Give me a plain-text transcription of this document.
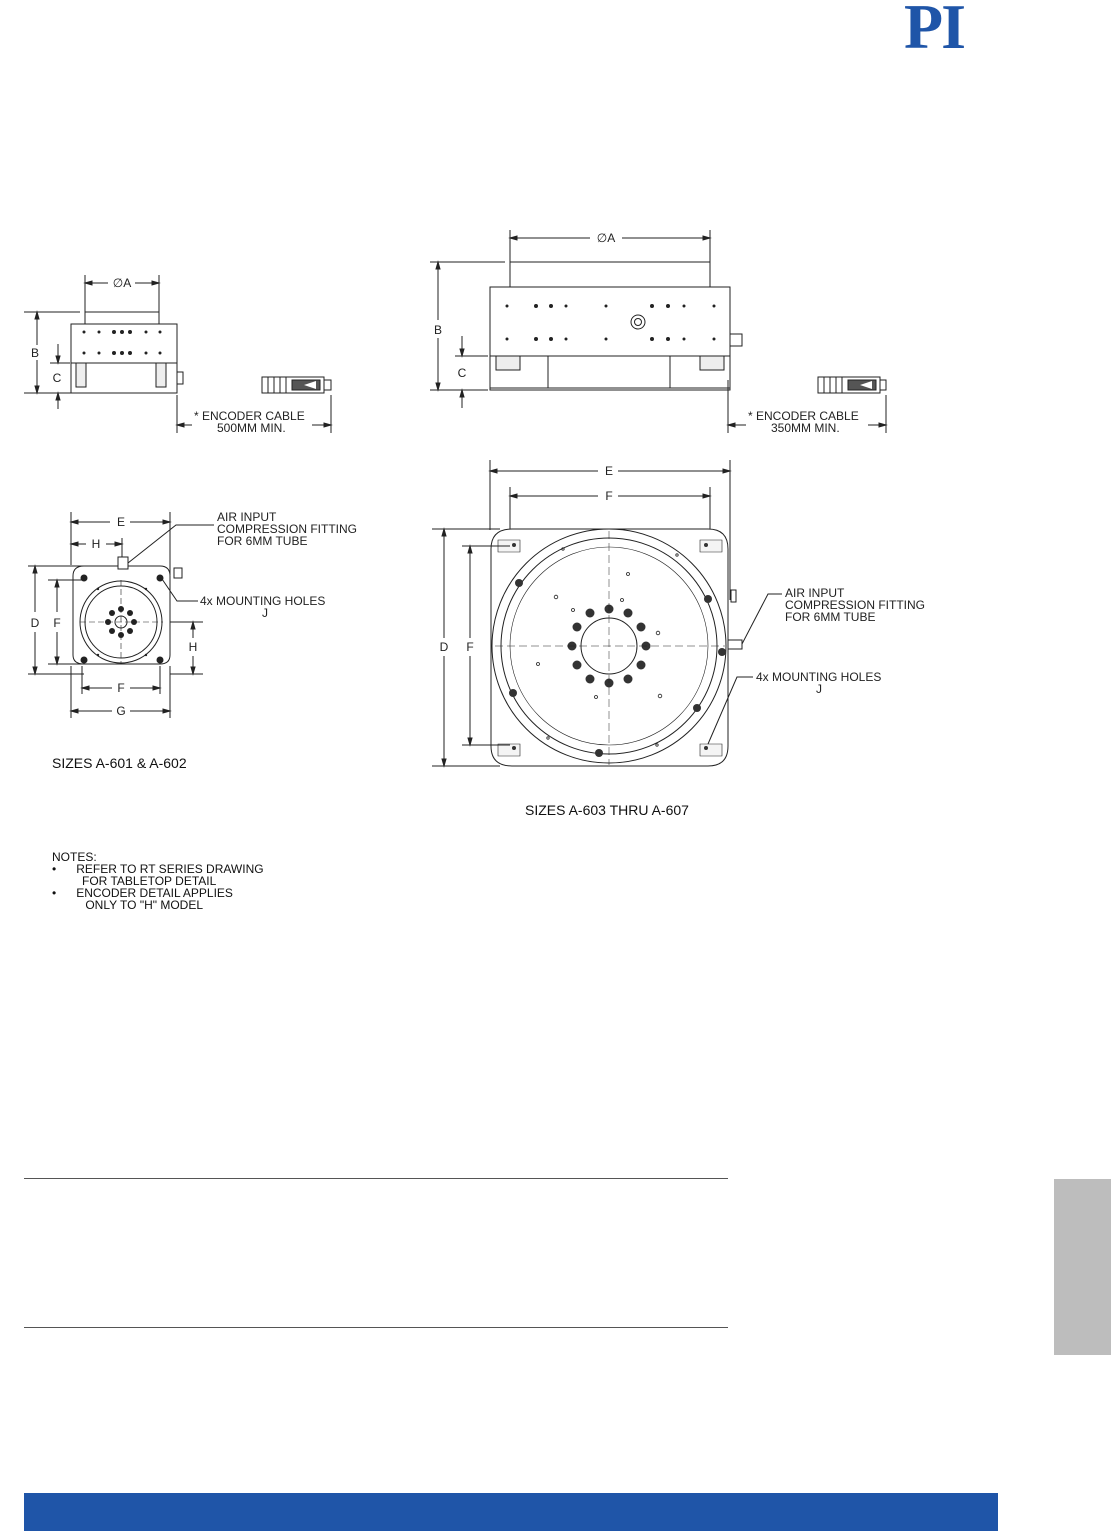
PI
∅A
B
C
* ENCODER CABLE
500MM MIN.
E
H
D F
H
F
G
AIR INPUT
COMPRESSION FITTING
FOR 6MM TUBE
4x MOUNTING HOLES
J
SIZES A-601 & A-602
∅A
B
C
* ENCODER CABLE
350MM MIN.
E
F
D F
AIR INPUT
COMPRESSION FITTING
FOR 6MM TUBE
4x MOUNTING HOLES
J
SIZES A-603 THRU A-607
NOTES:
• REFER TO RT SERIES DRAWING
FOR TABLETOP DETAIL
• ENCODER DETAIL APPLIES
ONLY TO "H" MODEL
